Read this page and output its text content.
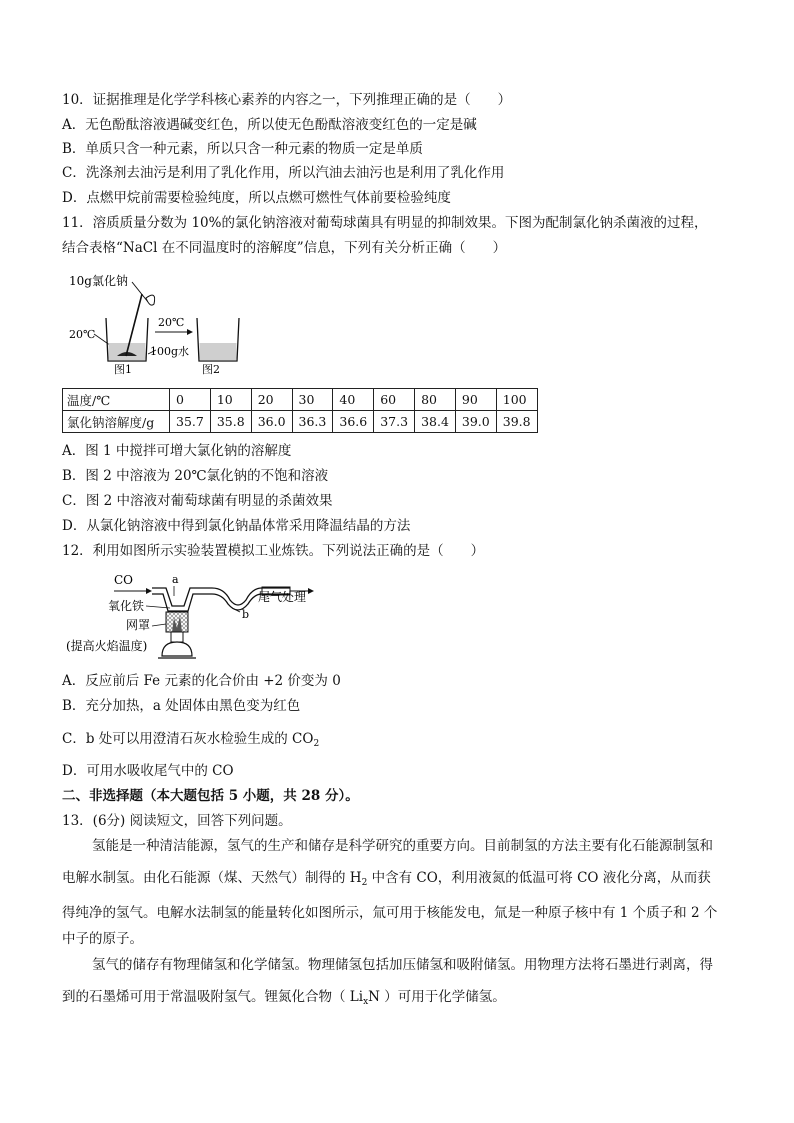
10．证据推理是化学学科核心素养的内容之一，下列推理正确的是（　　）
A．无色酚酞溶液遇碱变红色，所以使无色酚酞溶液变红色的一定是碱
B．单质只含一种元素，所以只含一种元素的物质一定是单质
C．洗涤剂去油污是利用了乳化作用，所以汽油去油污也是利用了乳化作用
D．点燃甲烷前需要检验纯度，所以点燃可燃性气体前要检验纯度
11．溶质质量分数为 10%的氯化钠溶液对葡萄球菌具有明显的抑制效果。下图为配制氯化钠杀菌液的过程，
结合表格“NaCl 在不同温度时的溶解度”信息，下列有关分析正确（　　）
10g氯化钠
20℃
100g水
20℃
图1	图2
温度/℃	0	10	20	30	40	60	80	90	100
氯化钠溶解度/g	35.7	35.8	36.0	36.3	36.6	37.3	38.4	39.0	39.8
A．图 1 中搅拌可增大氯化钠的溶解度
B．图 2 中溶液为 20℃氯化钠的不饱和溶液
C．图 2 中溶液对葡萄球菌有明显的杀菌效果
D．从氯化钠溶液中得到氯化钠晶体常采用降温结晶的方法
12．利用如图所示实验装置模拟工业炼铁。下列说法正确的是（　　）
CO	a
尾气处理
b
氧化铁
网罩
(提高火焰温度)
A．反应前后 Fe 元素的化合价由 +2 价变为 0
B．充分加热，a 处固体由黑色变为红色
C．b 处可以用澄清石灰水检验生成的 $CO_2$
D．可用水吸收尾气中的 CO
二、非选择题（本大题包括 5 小题，共 28 分）。
13．(6分) 阅读短文，回答下列问题。
氢能是一种清洁能源，氢气的生产和储存是科学研究的重要方向。目前制氢的方法主要有化石能源制氢和
电解水制氢。由化石能源（煤、天然气）制得的 $H_2$ 中含有 CO，利用液氮的低温可将 CO 液化分离，从而获
得纯净的氢气。电解水法制氢的能量转化如图所示，氚可用于核能发电，氚是一种原子核中有 1 个质子和 2 个
中子的原子。
氢气的储存有物理储氢和化学储氢。物理储氢包括加压储氢和吸附储氢。用物理方法将石墨进行剥离，得
到的石墨烯可用于常温吸附氢气。锂氮化合物（ $Li_xN$ ）可用于化学储氢。
